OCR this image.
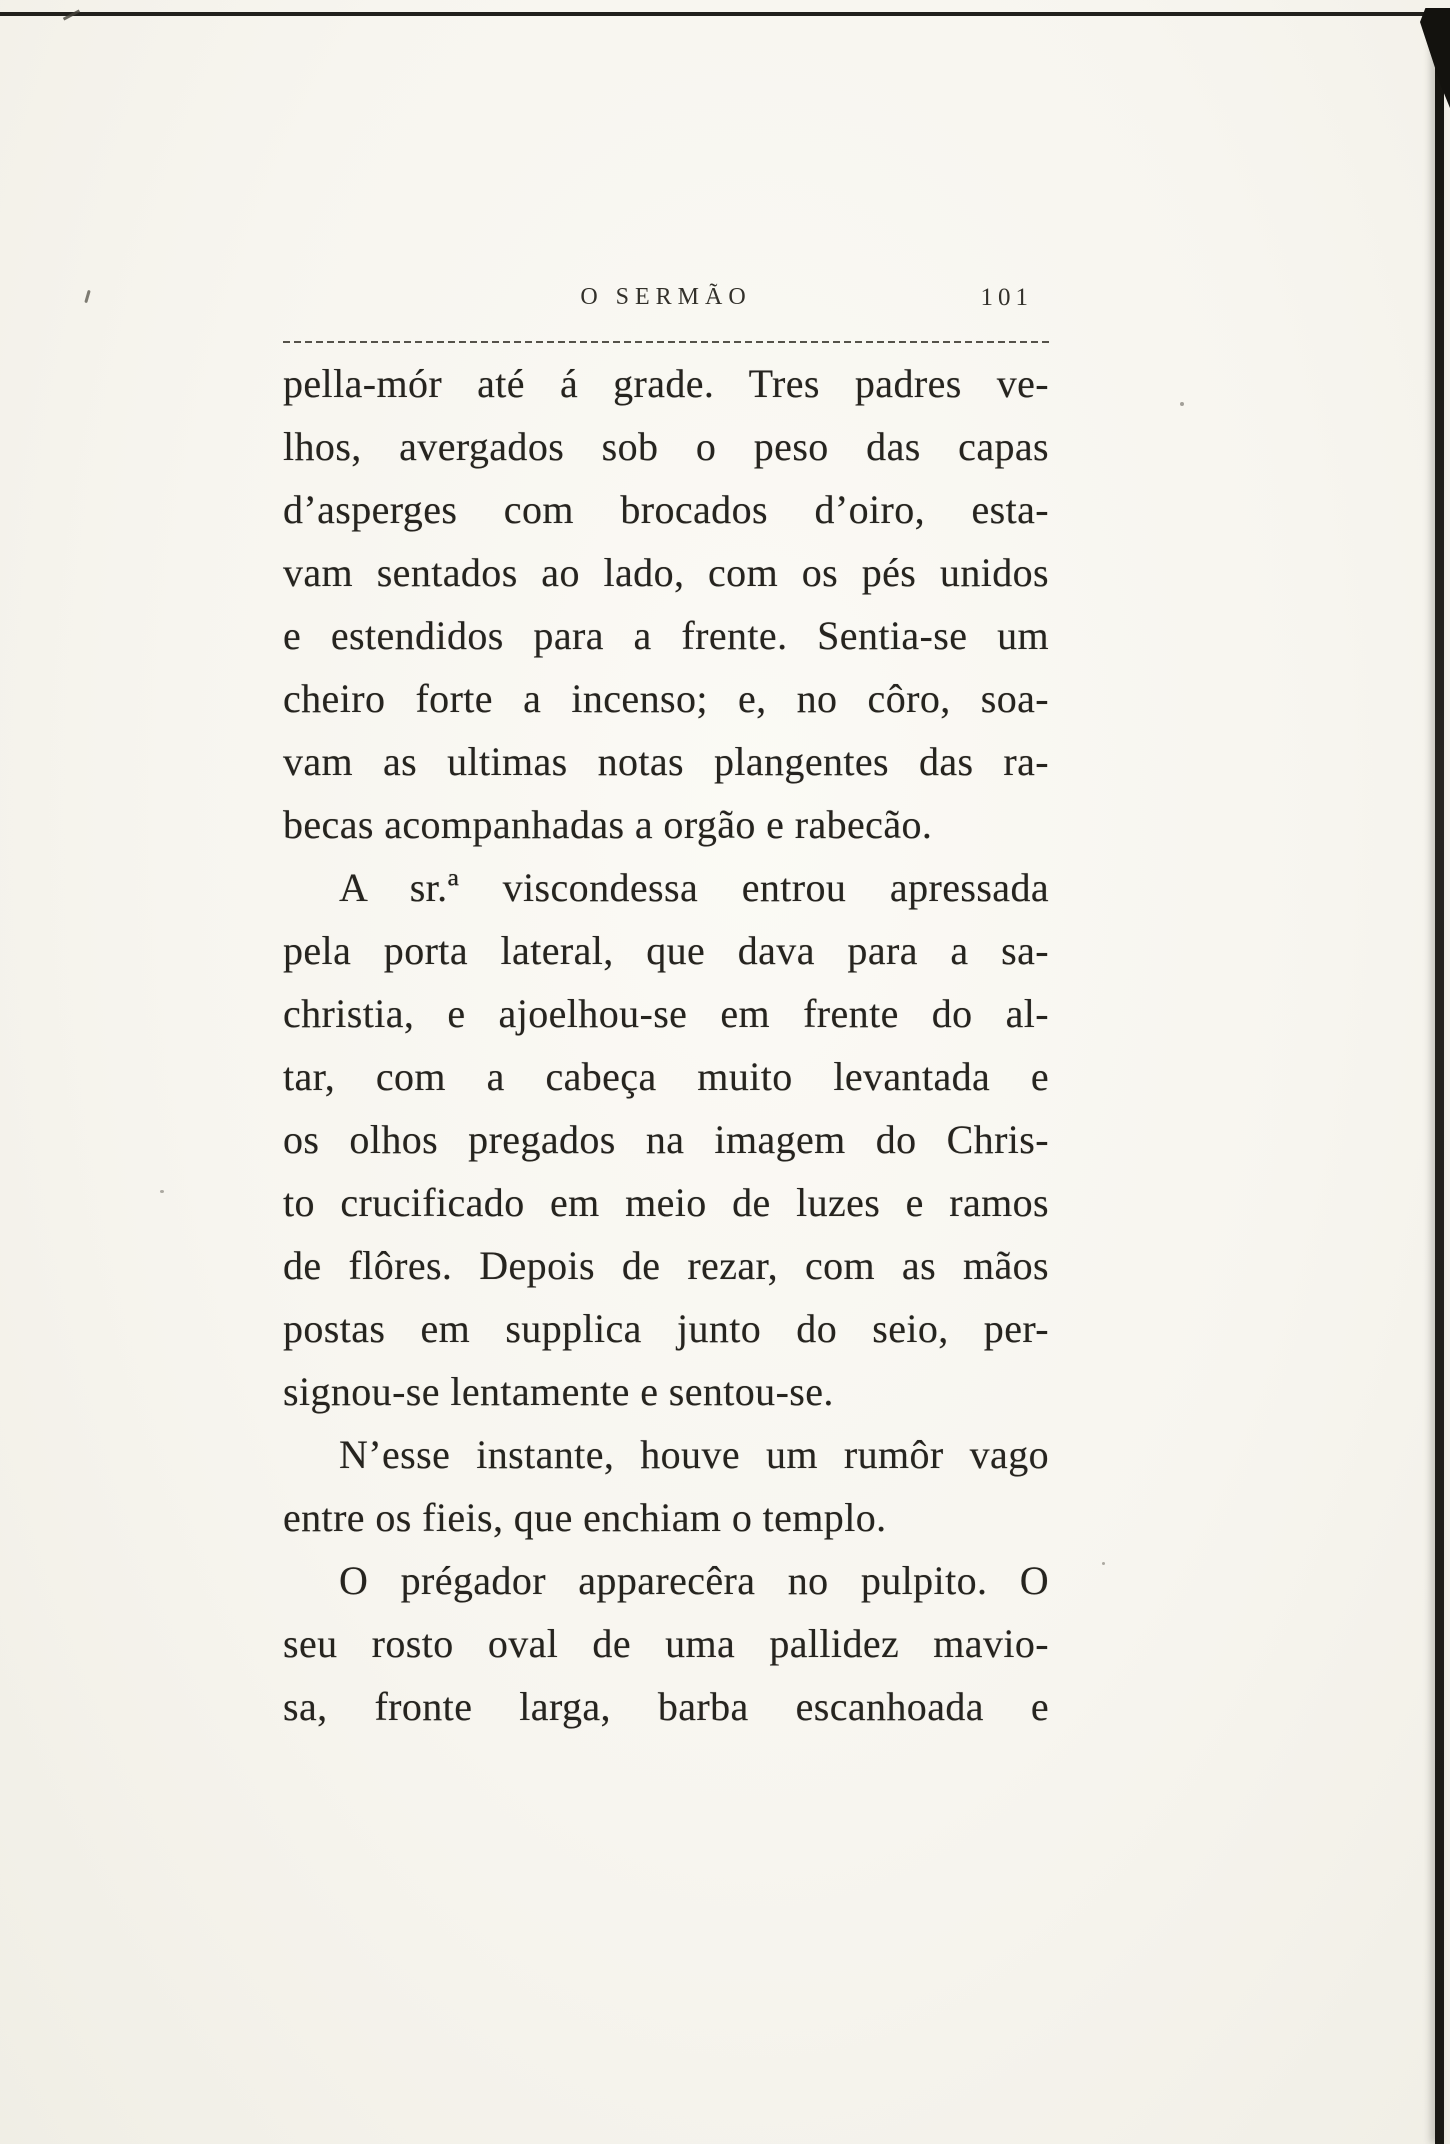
O SERMÃO	101
pella-mór até á grade. Tres padres ve-
lhos, avergados sob o peso das capas
d’asperges com brocados d’oiro, esta-
vam sentados ao lado, com os pés unidos
e estendidos para a frente. Sentia-se um
cheiro forte a incenso; e, no côro, soa-
vam as ultimas notas plangentes das ra-
becas acompanhadas a orgão e rabecão.
A sr.ª viscondessa entrou apressada
pela porta lateral, que dava para a sa-
christia, e ajoelhou-se em frente do al-
tar, com a cabeça muito levantada e
os olhos pregados na imagem do Chris-
to crucificado em meio de luzes e ramos
de flôres. Depois de rezar, com as mãos
postas em supplica junto do seio, per-
signou-se lentamente e sentou-se.
N’esse instante, houve um rumôr vago
entre os fieis, que enchiam o templo.
O prégador apparecêra no pulpito. O
seu rosto oval de uma pallidez mavio-
sa, fronte larga, barba escanhoada e
